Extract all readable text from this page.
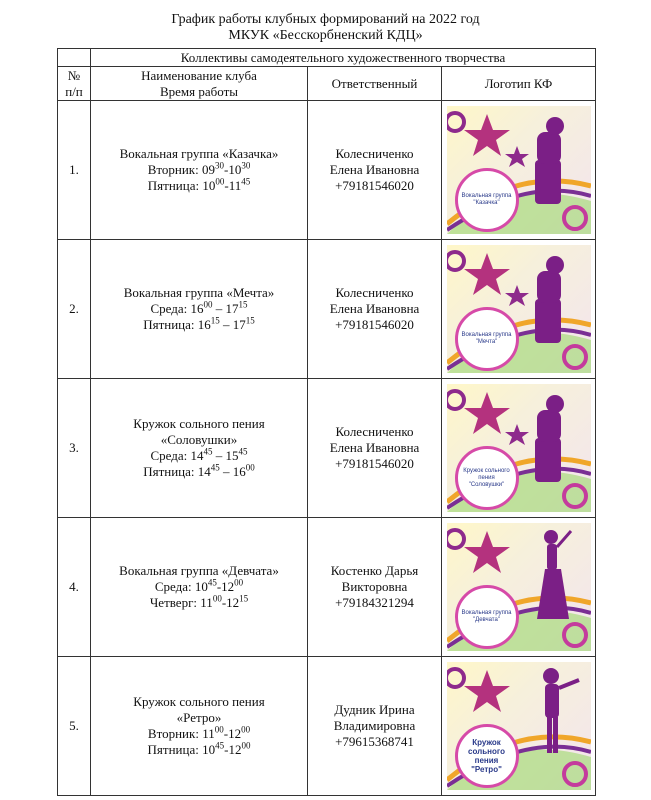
График работы клубных формирований на 2022 год
МКУК «Бесскорбненский КДЦ»
	Коллективы самодеятельного художественного творчества		
№
п/п	Наименование клуба
Время работы	Ответственный	Логотип КФ
1.	Вокальная группа «Казачка»
Вторник: $09^{30}-10^{30}$
Пятница: $10^{00}-11^{45}$	Колесниченко
Елена Ивановна
+79181546020	Вокальная группа
"Казачка"

2.	Вокальная группа «Мечта»
Среда: $16^{00} - 17^{15}$
Пятница: $16^{15} - 17^{15}$	Колесниченко
Елена Ивановна
+79181546020	Вокальная группа
"Мечта"

3.	Кружок сольного пения
«Соловушки»
Среда: $14^{45} - 15^{45}$
Пятница: $14^{45} - 16^{00}$	Колесниченко
Елена Ивановна
+79181546020	Кружок сольного пения
"Соловушки"

4.	Вокальная группа «Девчата»
Среда: $10^{45}-12^{00}$
Четверг: $11^{00}-12^{15}$	Костенко Дарья
Викторовна
+79184321294	Вокальная группа
"Девчата"

5.	Кружок сольного пения
«Ретро»
Вторник: $11^{00}-12^{00}$
Пятница: $10^{45}-12^{00}$	Дудник Ирина
Владимировна
+79615368741	Кружок сольного пения
"Ретро"
